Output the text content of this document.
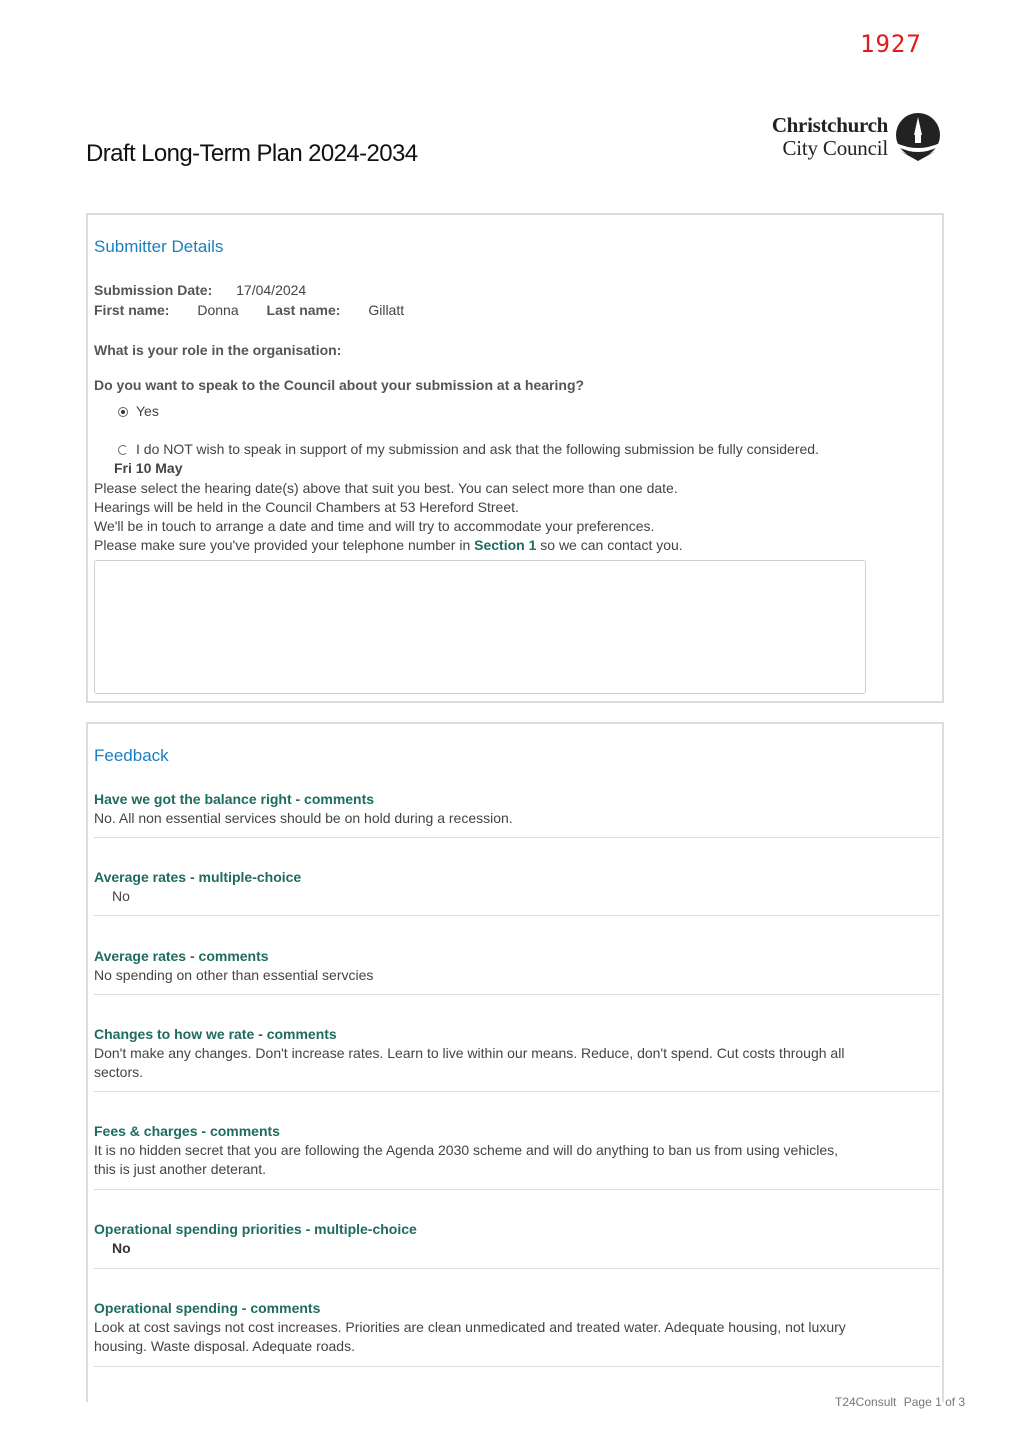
1927
Draft Long-Term Plan 2024-2034
Christchurch
City Council
Submitter Details
Submission Date: 17/04/2024
First name: Donna Last name: Gillatt
What is your role in the organisation:
Do you want to speak to the Council about your submission at a hearing?
Yes
I do NOT wish to speak in support of my submission and ask that the following submission be fully considered.
Fri 10 May
Please select the hearing date(s) above that suit you best. You can select more than one date.
Hearings will be held in the Council Chambers at 53 Hereford Street.
We'll be in touch to arrange a date and time and will try to accommodate your preferences.
Please make sure you've provided your telephone number in Section 1 so we can contact you.
Feedback
Have we got the balance right - comments
No. All non essential services should be on hold during a recession.
Average rates - multiple-choice
No
Average rates - comments
No spending on other than essential servcies
Changes to how we rate - comments
Don't make any changes. Don't increase rates. Learn to live within our means. Reduce, don't spend. Cut costs through all sectors.
Fees & charges - comments
It is no hidden secret that you are following the Agenda 2030 scheme and will do anything to ban us from using vehicles, this is just another deterant.
Operational spending priorities - multiple-choice
No
Operational spending - comments
Look at cost savings not cost increases. Priorities are clean unmedicated and treated water. Adequate housing, not luxury housing. Waste disposal. Adequate roads.
T24Consult Page 1 of 3
